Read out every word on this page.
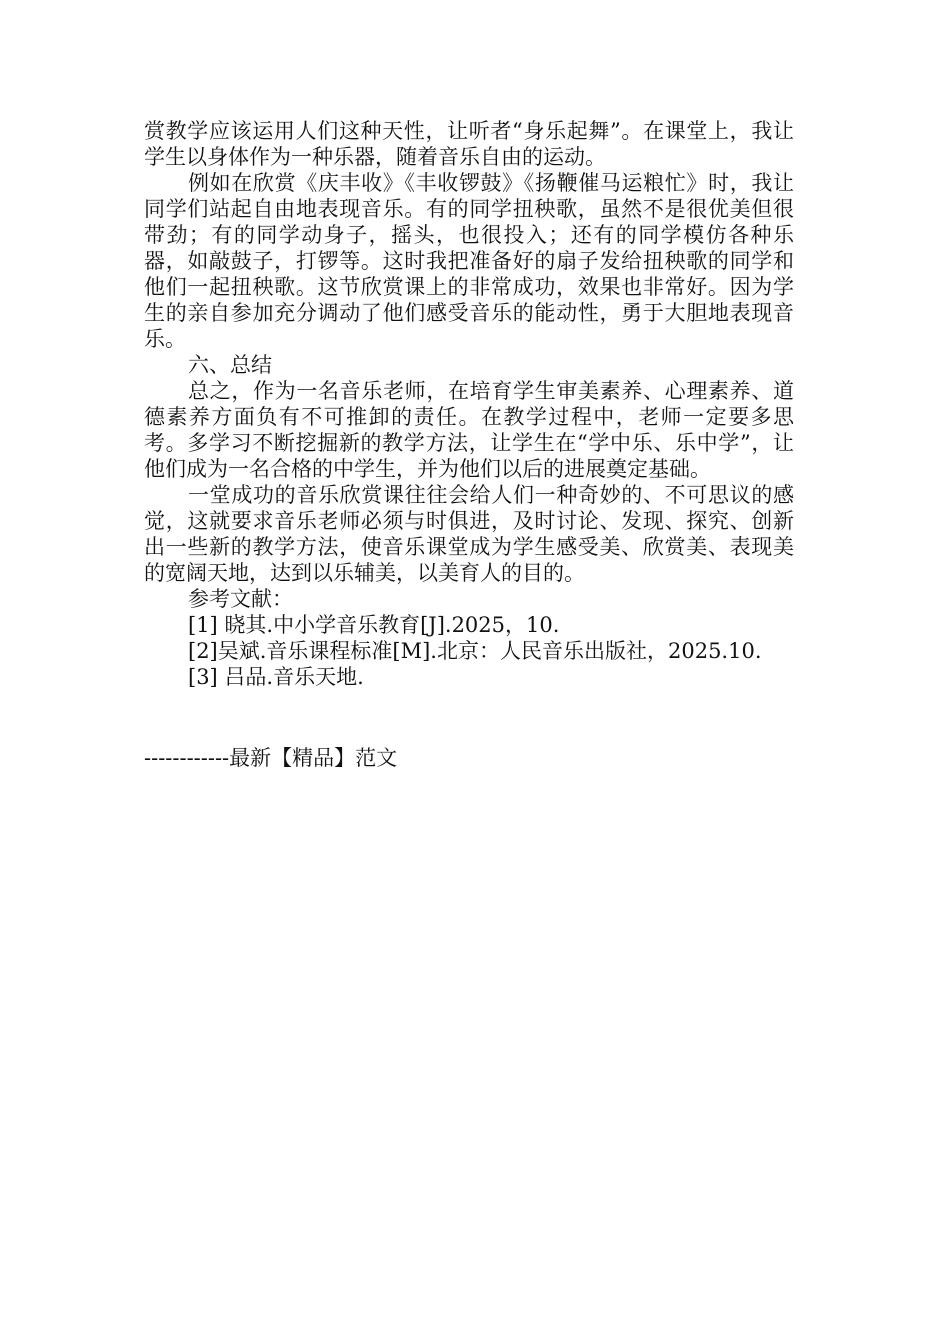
赏教学应该运用人们这种天性，让听者“身乐起舞”。在课堂上，我让学生以身体作为一种乐器，随着音乐自由的运动。

例如在欣赏《庆丰收》《丰收锣鼓》《扬鞭催马运粮忙》时，我让同学们站起自由地表现音乐。有的同学扭秧歌，虽然不是很优美但很带劲；有的同学动身子，摇头，也很投入；还有的同学模仿各种乐器，如敲鼓子，打锣等。这时我把准备好的扇子发给扭秧歌的同学和他们一起扭秧歌。这节欣赏课上的非常成功，效果也非常好。因为学生的亲自参加充分调动了他们感受音乐的能动性，勇于大胆地表现音乐。

六、总结

总之，作为一名音乐老师，在培育学生审美素养、心理素养、道德素养方面负有不可推卸的责任。在教学过程中，老师一定要多思考。多学习不断挖掘新的教学方法，让学生在“学中乐、乐中学”，让他们成为一名合格的中学生，并为他们以后的进展奠定基础。

一堂成功的音乐欣赏课往往会给人们一种奇妙的、不可思议的感觉，这就要求音乐老师必须与时俱进，及时讨论、发现、探究、创新出一些新的教学方法，使音乐课堂成为学生感受美、欣赏美、表现美的宽阔天地，达到以乐辅美，以美育人的目的。

参考文献：

[1] 晓其.中小学音乐教育[J].2025，10.

[2]吴斌.音乐课程标准[M].北京：人民音乐出版社，2025.10.

[3] 吕品.音乐天地.

------------最新【精品】范文
